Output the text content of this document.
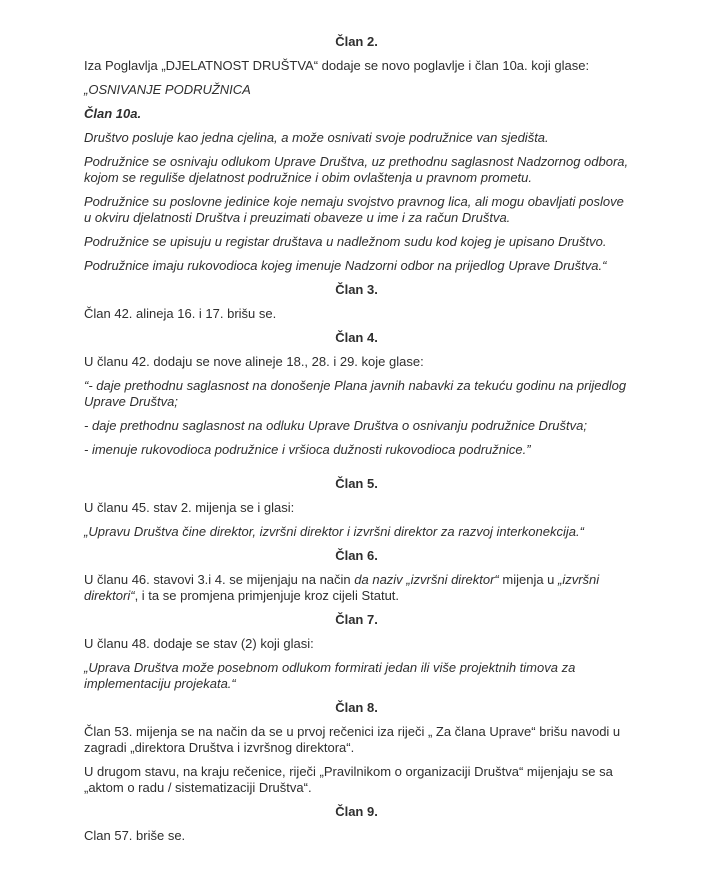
Član 2.

Iza Poglavlja „DJELATNOST DRUŠTVA“ dodaje se novo poglavlje i član 10a. koji glase:

„OSNIVANJE PODRUŽNICA

Član 10a.

Društvo posluje kao jedna cjelina, a može osnivati svoje podružnice van sjedišta.

Podružnice se osnivaju odlukom Uprave Društva, uz prethodnu saglasnost Nadzornog odbora, kojom se reguliše djelatnost podružnice i obim ovlaštenja u pravnom prometu.

Podružnice su poslovne jedinice koje nemaju svojstvo pravnog lica, ali mogu obavljati poslove u okviru djelatnosti Društva i preuzimati obaveze u ime i za račun Društva.

Podružnice se upisuju u registar društava u nadležnom sudu kod kojeg je upisano Društvo.

Podružnice imaju rukovodioca kojeg imenuje Nadzorni odbor na prijedlog Uprave Društva.“

Član 3.

Član 42. alineja 16. i 17. brišu se.

Član 4.

U članu 42. dodaju se nove alineje 18., 28. i 29. koje glase:

“- daje prethodnu saglasnost na donošenje Plana javnih nabavki za tekuću godinu na prijedlog Uprave Društva;

- daje prethodnu saglasnost na odluku Uprave Društva o osnivanju podružnice Društva;

- imenuje rukovodioca podružnice i vršioca dužnosti rukovodioca podružnice.”

Član 5.

U članu 45. stav 2. mijenja se i glasi:

„Upravu Društva čine direktor, izvršni direktor i izvršni direktor za razvoj interkonekcija.“

Član 6.

U članu 46. stavovi 3.i 4. se mijenjaju na način da naziv „izvršni direktor“ mijenja u „izvršni direktori“, i ta se promjena primjenjuje kroz cijeli Statut.

Član 7.

U članu 48. dodaje se stav (2) koji glasi:

„Uprava Društva može posebnom odlukom formirati jedan ili više projektnih timova za implementaciju projekata.“

Član 8.

Član 53. mijenja se na način da se u prvoj rečenici iza riječi „ Za člana Uprave“ brišu navodi u zagradi „direktora Društva i izvršnog direktora“.

U drugom stavu, na kraju rečenice, riječi „Pravilnikom o organizaciji Društva“ mijenjaju se sa „aktom o radu / sistematizaciji Društva“.

Član 9.

Clan 57. briše se.
